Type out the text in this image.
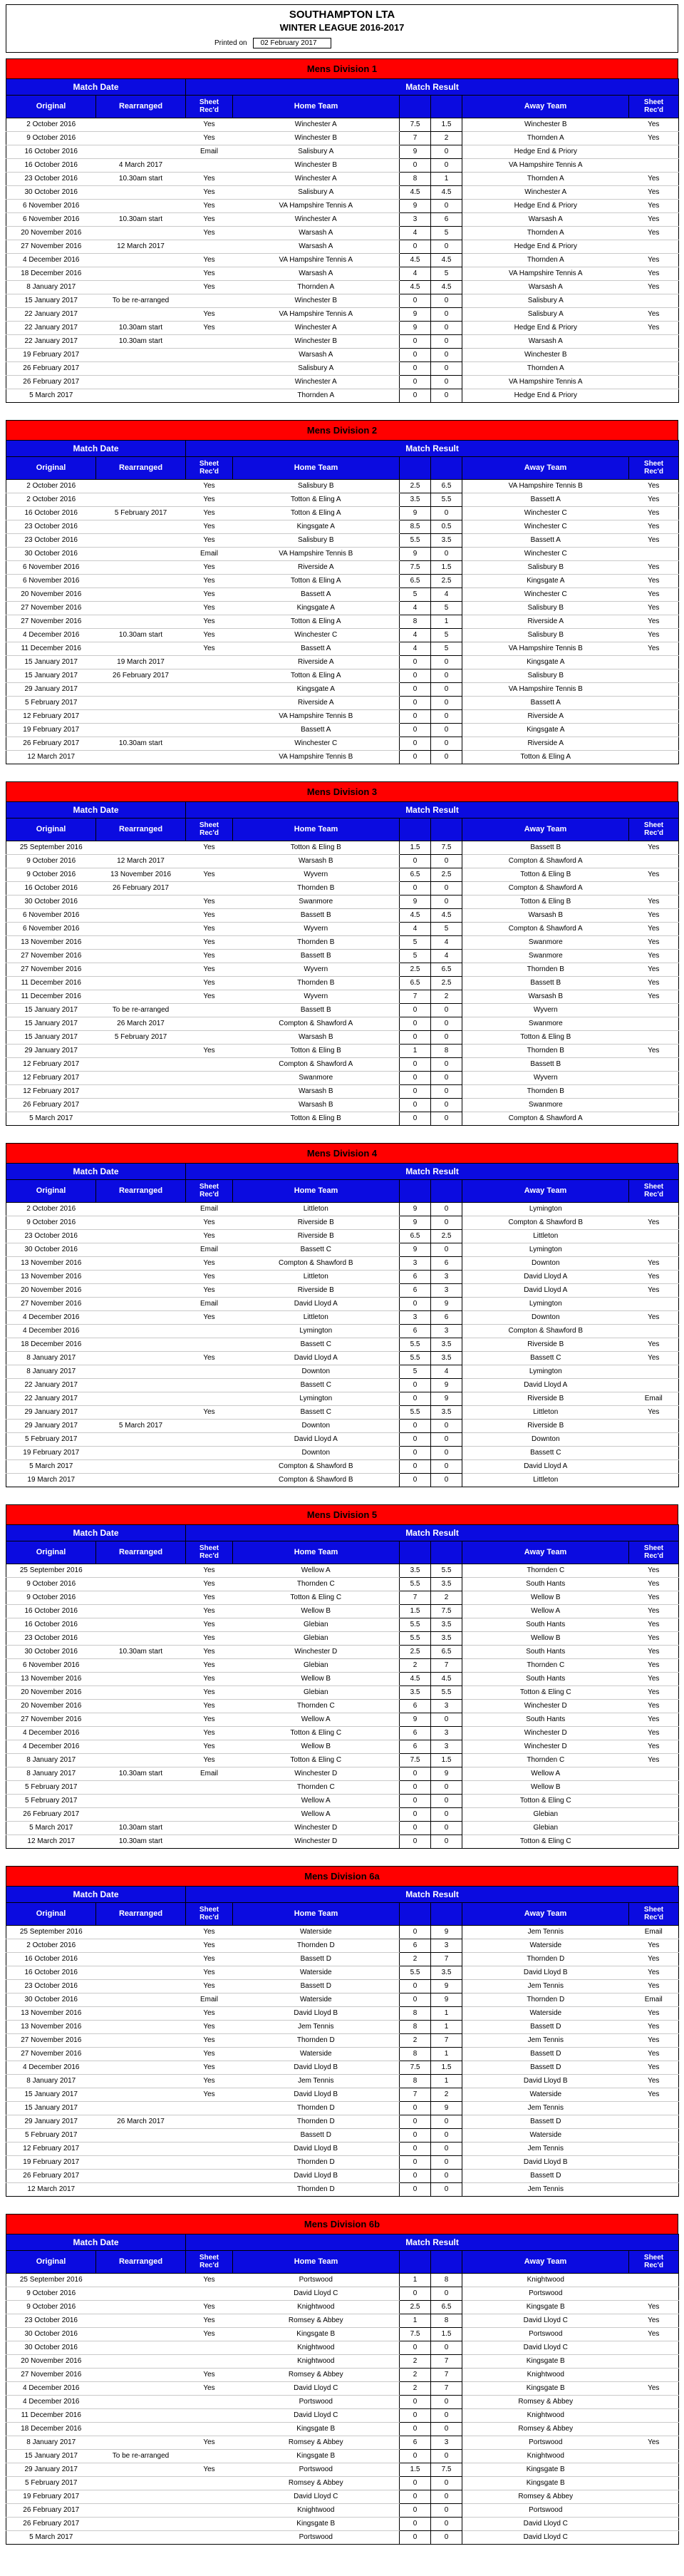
SOUTHAMPTON LTA
WINTER LEAGUE 2016-2017
Printed on	02 February 2017
Mens Division 1
Match Date		Match Result					
Original	Rearranged	Sheet Rec'd	Home Team			Away Team	Sheet Rec'd
2 October 2016		Yes	Winchester A	7.5	1.5	Winchester B	Yes
9 October 2016		Yes	Winchester B	7	2	Thornden A	Yes
16 October 2016		Email	Salisbury A	9	0	Hedge End & Priory	
16 October 2016	4 March 2017		Winchester B	0	0	VA Hampshire Tennis A	
23 October 2016	10.30am start	Yes	Winchester A	8	1	Thornden A	Yes
30 October 2016		Yes	Salisbury A	4.5	4.5	Winchester A	Yes
6 November 2016		Yes	VA Hampshire Tennis A	9	0	Hedge End & Priory	Yes
6 November 2016	10.30am start	Yes	Winchester A	3	6	Warsash A	Yes
20 November 2016		Yes	Warsash A	4	5	Thornden A	Yes
27 November 2016	12 March 2017		Warsash A	0	0	Hedge End & Priory	
4 December 2016		Yes	VA Hampshire Tennis A	4.5	4.5	Thornden A	Yes
18 December 2016		Yes	Warsash A	4	5	VA Hampshire Tennis A	Yes
8 January 2017		Yes	Thornden A	4.5	4.5	Warsash A	Yes
15 January 2017	To be re-arranged		Winchester B	0	0	Salisbury A	
22 January 2017		Yes	VA Hampshire Tennis A	9	0	Salisbury A	Yes
22 January 2017	10.30am start	Yes	Winchester A	9	0	Hedge End & Priory	Yes
22 January 2017	10.30am start		Winchester B	0	0	Warsash A	
19 February 2017			Warsash A	0	0	Winchester B	
26 February 2017			Salisbury A	0	0	Thornden A	
26 February 2017			Winchester A	0	0	VA Hampshire Tennis A	
5 March 2017			Thornden A	0	0	Hedge End & Priory	
Mens Division 2
Match Date		Match Result					
Original	Rearranged	Sheet Rec'd	Home Team			Away Team	Sheet Rec'd
2 October 2016		Yes	Salisbury B	2.5	6.5	VA Hampshire Tennis B	Yes
2 October 2016		Yes	Totton & Eling A	3.5	5.5	Bassett A	Yes
16 October 2016	5 February 2017	Yes	Totton & Eling A	9	0	Winchester C	Yes
23 October 2016		Yes	Kingsgate A	8.5	0.5	Winchester C	Yes
23 October 2016		Yes	Salisbury B	5.5	3.5	Bassett A	Yes
30 October 2016		Email	VA Hampshire Tennis B	9	0	Winchester C	
6 November 2016		Yes	Riverside A	7.5	1.5	Salisbury B	Yes
6 November 2016		Yes	Totton & Eling A	6.5	2.5	Kingsgate A	Yes
20 November 2016		Yes	Bassett A	5	4	Winchester C	Yes
27 November 2016		Yes	Kingsgate A	4	5	Salisbury B	Yes
27 November 2016		Yes	Totton & Eling A	8	1	Riverside A	Yes
4 December 2016	10.30am start	Yes	Winchester C	4	5	Salisbury B	Yes
11 December 2016		Yes	Bassett A	4	5	VA Hampshire Tennis B	Yes
15 January 2017	19 March 2017		Riverside A	0	0	Kingsgate A	
15 January 2017	26 February 2017		Totton & Eling A	0	0	Salisbury B	
29 January 2017			Kingsgate A	0	0	VA Hampshire Tennis B	
5 February 2017			Riverside A	0	0	Bassett A	
12 February 2017			VA Hampshire Tennis B	0	0	Riverside A	
19 February 2017			Bassett A	0	0	Kingsgate A	
26 February 2017	10.30am start		Winchester C	0	0	Riverside A	
12 March 2017			VA Hampshire Tennis B	0	0	Totton & Eling A	
Mens Division 3
Match Date		Match Result					
Original	Rearranged	Sheet Rec'd	Home Team			Away Team	Sheet Rec'd
25 September 2016		Yes	Totton & Eling B	1.5	7.5	Bassett B	Yes
9 October 2016	12 March 2017		Warsash B	0	0	Compton & Shawford A	
9 October 2016	13 November 2016	Yes	Wyvern	6.5	2.5	Totton & Eling B	Yes
16 October 2016	26 February 2017		Thornden B	0	0	Compton & Shawford A	
30 October 2016		Yes	Swanmore	9	0	Totton & Eling B	Yes
6 November 2016		Yes	Bassett B	4.5	4.5	Warsash B	Yes
6 November 2016		Yes	Wyvern	4	5	Compton & Shawford A	Yes
13 November 2016		Yes	Thornden B	5	4	Swanmore	Yes
27 November 2016		Yes	Bassett B	5	4	Swanmore	Yes
27 November 2016		Yes	Wyvern	2.5	6.5	Thornden B	Yes
11 December 2016		Yes	Thornden B	6.5	2.5	Bassett B	Yes
11 December 2016		Yes	Wyvern	7	2	Warsash B	Yes
15 January 2017	To be re-arranged		Bassett B	0	0	Wyvern	
15 January 2017	26 March 2017		Compton & Shawford A	0	0	Swanmore	
15 January 2017	5 February 2017		Warsash B	0	0	Totton & Eling B	
29 January 2017		Yes	Totton & Eling B	1	8	Thornden B	Yes
12 February 2017			Compton & Shawford A	0	0	Bassett B	
12 February 2017			Swanmore	0	0	Wyvern	
12 February 2017			Warsash B	0	0	Thornden B	
26 February 2017			Warsash B	0	0	Swanmore	
5 March 2017			Totton & Eling B	0	0	Compton & Shawford A	
Mens Division 4
Match Date		Match Result					
Original	Rearranged	Sheet Rec'd	Home Team			Away Team	Sheet Rec'd
2 October 2016		Email	Littleton	9	0	Lymington	
9 October 2016		Yes	Riverside B	9	0	Compton & Shawford B	Yes
23 October 2016		Yes	Riverside B	6.5	2.5	Littleton	
30 October 2016		Email	Bassett C	9	0	Lymington	
13 November 2016		Yes	Compton & Shawford B	3	6	Downton	Yes
13 November 2016		Yes	Littleton	6	3	David Lloyd A	Yes
20 November 2016		Yes	Riverside B	6	3	David Lloyd A	Yes
27 November 2016		Email	David Lloyd A	0	9	Lymington	
4 December 2016		Yes	Littleton	3	6	Downton	Yes
4 December 2016			Lymington	6	3	Compton & Shawford B	
18 December 2016			Bassett C	5.5	3.5	Riverside B	Yes
8 January 2017		Yes	David Lloyd A	5.5	3.5	Bassett C	Yes
8 January 2017			Downton	5	4	Lymington	
22 January 2017			Bassett C	0	9	David Lloyd A	
22 January 2017			Lymington	0	9	Riverside B	Email
29 January 2017		Yes	Bassett C	5.5	3.5	Littleton	Yes
29 January 2017	5 March 2017		Downton	0	0	Riverside B	
5 February 2017			David Lloyd A	0	0	Downton	
19 February 2017			Downton	0	0	Bassett C	
5 March 2017			Compton & Shawford B	0	0	David Lloyd A	
19 March 2017			Compton & Shawford B	0	0	Littleton	
Mens Division 5
Match Date		Match Result					
Original	Rearranged	Sheet Rec'd	Home Team			Away Team	Sheet Rec'd
25 September 2016		Yes	Wellow A	3.5	5.5	Thornden C	Yes
9 October 2016		Yes	Thornden C	5.5	3.5	South Hants	Yes
9 October 2016		Yes	Totton & Eling C	7	2	Wellow B	Yes
16 October 2016		Yes	Wellow B	1.5	7.5	Wellow A	Yes
16 October 2016		Yes	Glebian	5.5	3.5	South Hants	Yes
23 October 2016		Yes	Glebian	5.5	3.5	Wellow B	Yes
30 October 2016	10.30am start	Yes	Winchester D	2.5	6.5	South Hants	Yes
6 November 2016		Yes	Glebian	2	7	Thornden C	Yes
13 November 2016		Yes	Wellow B	4.5	4.5	South Hants	Yes
20 November 2016		Yes	Glebian	3.5	5.5	Totton & Eling C	Yes
20 November 2016		Yes	Thornden C	6	3	Winchester D	Yes
27 November 2016		Yes	Wellow A	9	0	South Hants	Yes
4 December 2016		Yes	Totton & Eling C	6	3	Winchester D	Yes
4 December 2016		Yes	Wellow B	6	3	Winchester D	Yes
8 January 2017		Yes	Totton & Eling C	7.5	1.5	Thornden C	Yes
8 January 2017	10.30am start	Email	Winchester D	0	9	Wellow A	
5 February 2017			Thornden C	0	0	Wellow B	
5 February 2017			Wellow A	0	0	Totton & Eling C	
26 February 2017			Wellow A	0	0	Glebian	
5 March 2017	10.30am start		Winchester D	0	0	Glebian	
12 March 2017	10.30am start		Winchester D	0	0	Totton & Eling C	
Mens Division 6a
Match Date		Match Result					
Original	Rearranged	Sheet Rec'd	Home Team			Away Team	Sheet Rec'd
25 September 2016		Yes	Waterside	0	9	Jem Tennis	Email
2 October 2016		Yes	Thornden D	6	3	Waterside	Yes
16 October 2016		Yes	Bassett D	2	7	Thornden D	Yes
16 October 2016		Yes	Waterside	5.5	3.5	David Lloyd B	Yes
23 October 2016		Yes	Bassett D	0	9	Jem Tennis	Yes
30 October 2016		Email	Waterside	0	9	Thornden D	Email
13 November 2016		Yes	David Lloyd B	8	1	Waterside	Yes
13 November 2016		Yes	Jem Tennis	8	1	Bassett D	Yes
27 November 2016		Yes	Thornden D	2	7	Jem Tennis	Yes
27 November 2016		Yes	Waterside	8	1	Bassett D	Yes
4 December 2016		Yes	David Lloyd B	7.5	1.5	Bassett D	Yes
8 January 2017		Yes	Jem Tennis	8	1	David Lloyd B	Yes
15 January 2017		Yes	David Lloyd B	7	2	Waterside	Yes
15 January 2017			Thornden D	0	9	Jem Tennis	
29 January 2017	26 March 2017		Thornden D	0	0	Bassett D	
5 February 2017			Bassett D	0	0	Waterside	
12 February 2017			David Lloyd B	0	0	Jem Tennis	
19 February 2017			Thornden D	0	0	David Lloyd B	
26 February 2017			David Lloyd B	0	0	Bassett D	
12 March 2017			Thornden D	0	0	Jem Tennis	
Mens Division 6b
Match Date		Match Result					
Original	Rearranged	Sheet Rec'd	Home Team			Away Team	Sheet Rec'd
25 September 2016		Yes	Portswood	1	8	Knightwood	
9 October 2016			David Lloyd C	0	0	Portswood	
9 October 2016		Yes	Knightwood	2.5	6.5	Kingsgate B	Yes
23 October 2016		Yes	Romsey & Abbey	1	8	David Lloyd C	Yes
30 October 2016		Yes	Kingsgate B	7.5	1.5	Portswood	Yes
30 October 2016			Knightwood	0	0	David Lloyd C	
20 November 2016			Knightwood	2	7	Kingsgate B	
27 November 2016		Yes	Romsey & Abbey	2	7	Knightwood	
4 December 2016		Yes	David Lloyd C	2	7	Kingsgate B	Yes
4 December 2016			Portswood	0	0	Romsey & Abbey	
11 December 2016			David Lloyd C	0	0	Knightwood	
18 December 2016			Kingsgate B	0	0	Romsey & Abbey	
8 January 2017		Yes	Romsey & Abbey	6	3	Portswood	Yes
15 January 2017	To be re-arranged		Kingsgate B	0	0	Knightwood	
29 January 2017		Yes	Portswood	1.5	7.5	Kingsgate B	
5 February 2017			Romsey & Abbey	0	0	Kingsgate B	
19 February 2017			David Lloyd C	0	0	Romsey & Abbey	
26 February 2017			Knightwood	0	0	Portswood	
26 February 2017			Kingsgate B	0	0	David Lloyd C	
5 March 2017			Portswood	0	0	David Lloyd C	
